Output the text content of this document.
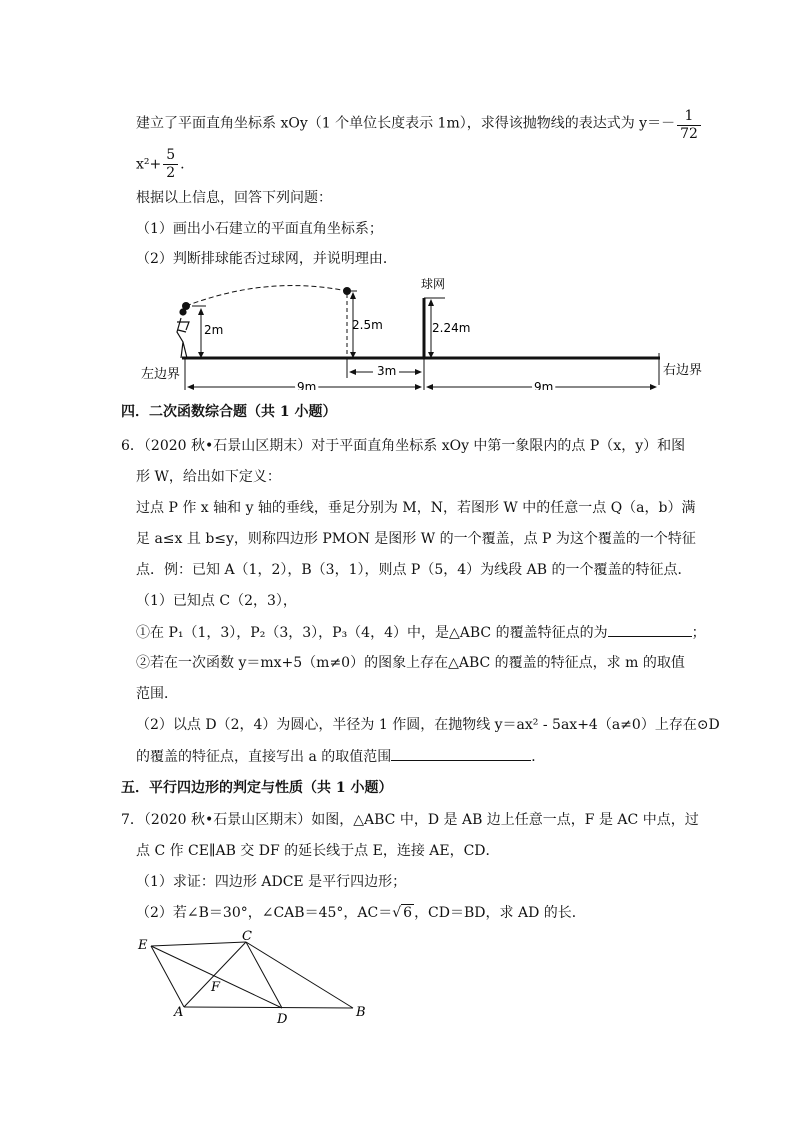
建立了平面直角坐标系 xOy（1 个单位长度表示 1m），求得该抛物线的表达式为 $y=- \frac{1}{72}$
$x^2+ \frac{5}{2}$ .
根据以上信息，回答下列问题：
（1）画出小石建立的平面直角坐标系；
（2）判断排球能否过球网，并说明理由．
2m	2.5m
球网
2.24m
右边界
左边界	3m
9m	9m
四．二次函数综合题（共 1 小题）
6．（2020 秋•石景山区期末）对于平面直角坐标系 xOy 中第一象限内的点 P（x，y）和图
形 W，给出如下定义：
过点 P 作 x 轴和 y 轴的垂线，垂足分别为 M，N，若图形 W 中的任意一点 Q（a，b）满
足 a≤x 且 b≤y，则称四边形 PMON 是图形 W 的一个覆盖，点 P 为这个覆盖的一个特征
点．例：已知 A（1，2），B（3，1），则点 P（5，4）为线段 AB 的一个覆盖的特征点．
（1）已知点 C（2，3），
①在 P₁（1，3），P₂（3，3），P₃（4，4）中，是△ABC 的覆盖特征点的为	；
②若在一次函数 y＝mx+5（m≠0）的图象上存在△ABC 的覆盖的特征点，求 m 的取值
范围．
（2）以点 D（2，4）为圆心，半径为 1 作圆，在抛物线 y＝ax² - 5ax+4（a≠0）上存在⊙D
的覆盖的特征点，直接写出 a 的取值范围	．
五．平行四边形的判定与性质（共 1 小题）
7．（2020 秋•石景山区期末）如图，△ABC 中，D 是 AB 边上任意一点，F 是 AC 中点，过
点 C 作 CE∥AB 交 DF 的延长线于点 E，连接 AE，CD．
（1）求证：四边形 ADCE 是平行四边形；
（2）若∠B＝30°，∠CAB＝45°，AC＝√ 6 ，CD＝BD，求 AD 的长．
E
C
F
A	D	B
